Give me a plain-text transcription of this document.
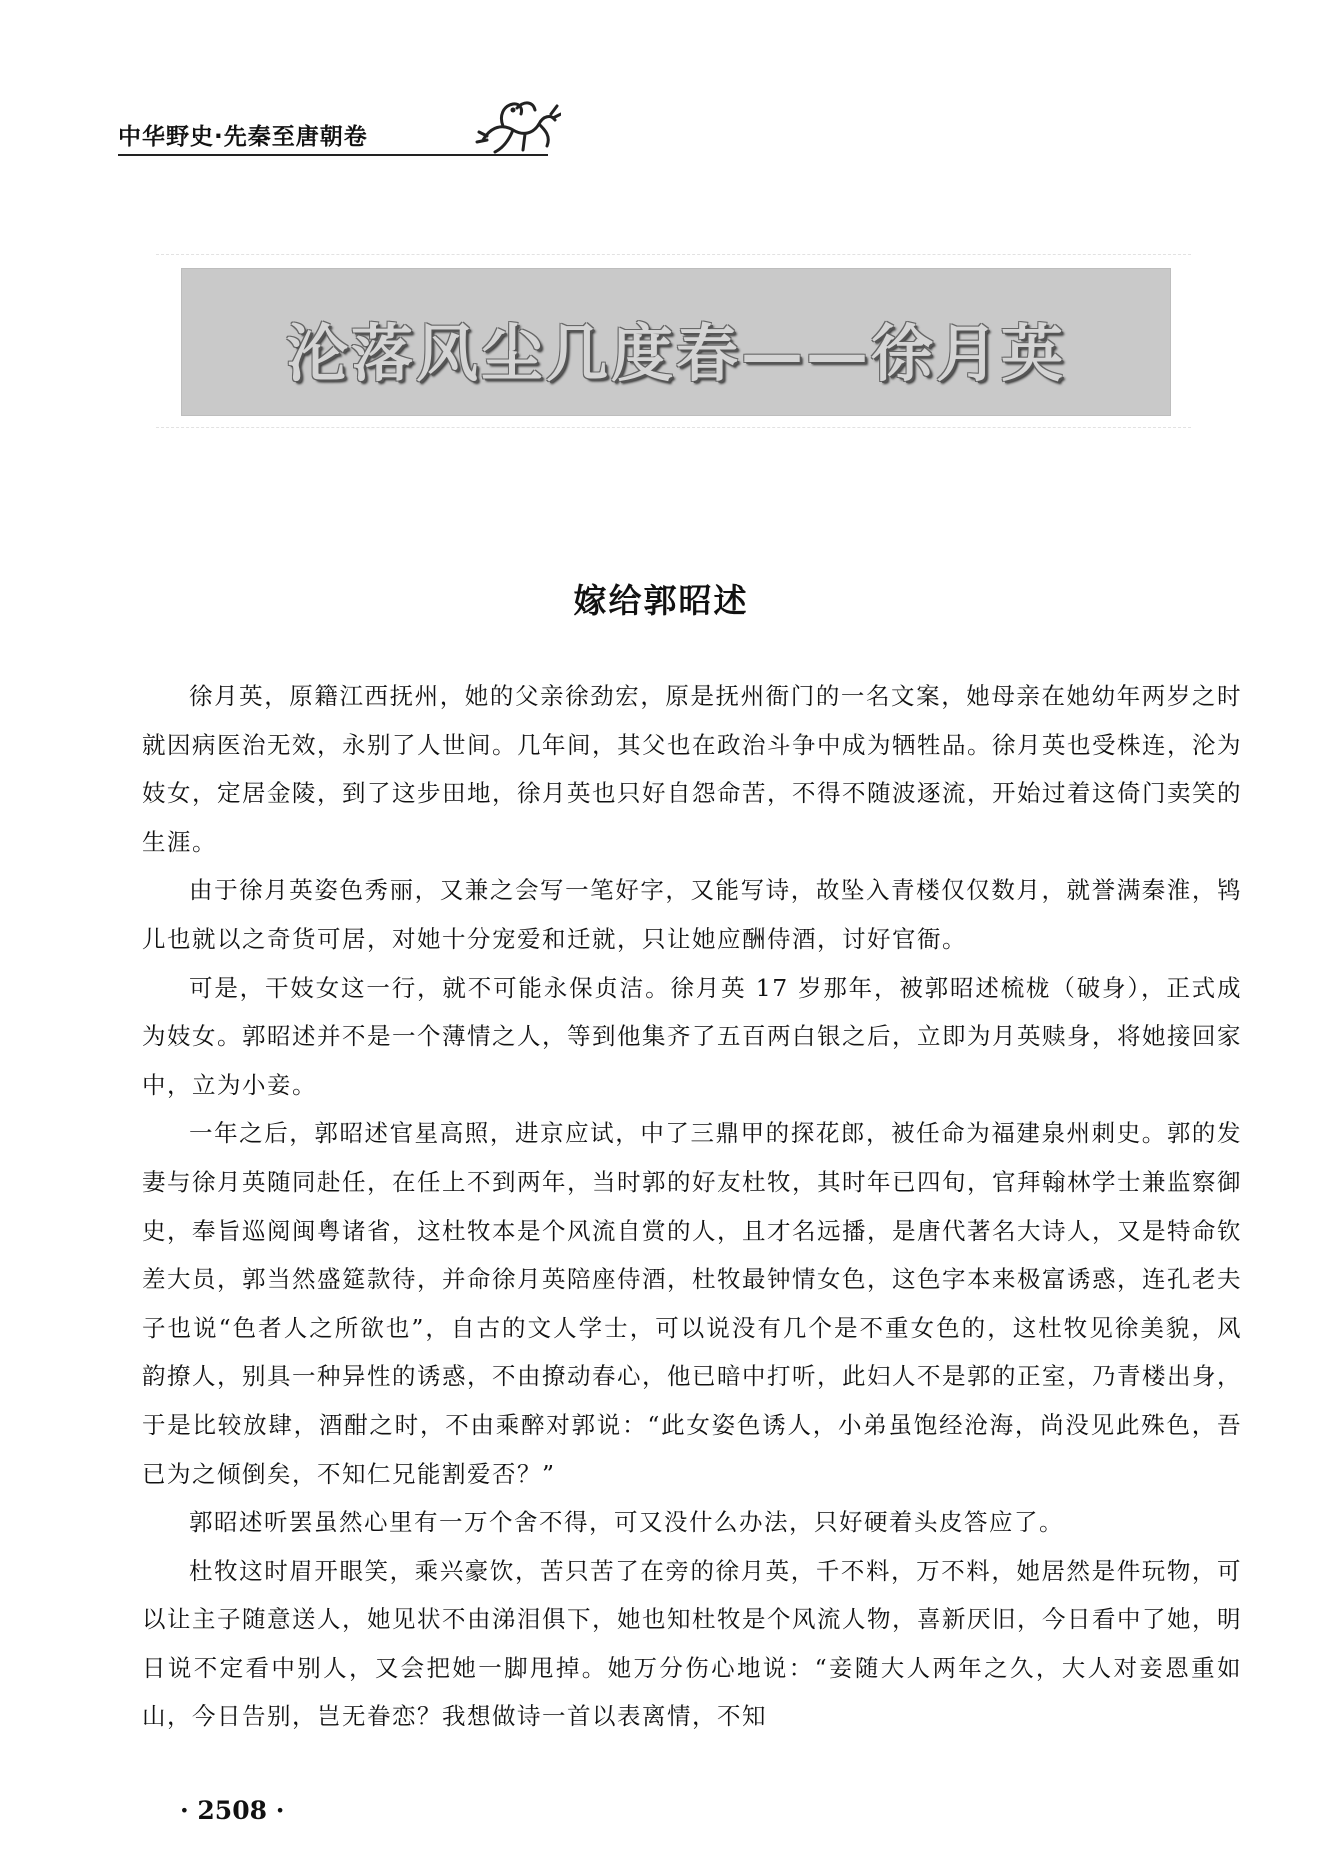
中华野史·先秦至唐朝卷
沦落风尘几度春——徐月英
嫁给郭昭述

徐月英，原籍江西抚州，她的父亲徐劲宏，原是抚州衙门的一名文案，她母亲在她幼年两岁之时就因病医治无效，永别了人世间。几年间，其父也在政治斗争中成为牺牲品。徐月英也受株连，沦为妓女，定居金陵，到了这步田地，徐月英也只好自怨命苦，不得不随波逐流，开始过着这倚门卖笑的生涯。

由于徐月英姿色秀丽，又兼之会写一笔好字，又能写诗，故坠入青楼仅仅数月，就誉满秦淮，鸨儿也就以之奇货可居，对她十分宠爱和迁就，只让她应酬侍酒，讨好官衙。

可是，干妓女这一行，就不可能永保贞洁。徐月英 17 岁那年，被郭昭述梳栊（破身），正式成为妓女。郭昭述并不是一个薄情之人，等到他集齐了五百两白银之后，立即为月英赎身，将她接回家中，立为小妾。

一年之后，郭昭述官星高照，进京应试，中了三鼎甲的探花郎，被任命为福建泉州刺史。郭的发妻与徐月英随同赴任，在任上不到两年，当时郭的好友杜牧，其时年已四旬，官拜翰林学士兼监察御史，奉旨巡阅闽粤诸省，这杜牧本是个风流自赏的人，且才名远播，是唐代著名大诗人，又是特命钦差大员，郭当然盛筵款待，并命徐月英陪座侍酒，杜牧最钟情女色，这色字本来极富诱惑，连孔老夫子也说“色者人之所欲也”，自古的文人学士，可以说没有几个是不重女色的，这杜牧见徐美貌，风韵撩人，别具一种异性的诱惑，不由撩动春心，他已暗中打听，此妇人不是郭的正室，乃青楼出身，于是比较放肆，酒酣之时，不由乘醉对郭说：“此女姿色诱人，小弟虽饱经沧海，尚没见此殊色，吾已为之倾倒矣，不知仁兄能割爱否？”

郭昭述听罢虽然心里有一万个舍不得，可又没什么办法，只好硬着头皮答应了。

杜牧这时眉开眼笑，乘兴豪饮，苦只苦了在旁的徐月英，千不料，万不料，她居然是件玩物，可以让主子随意送人，她见状不由涕泪俱下，她也知杜牧是个风流人物，喜新厌旧，今日看中了她，明日说不定看中别人，又会把她一脚甩掉。她万分伤心地说：“妾随大人两年之久，大人对妾恩重如山，今日告别，岂无眷恋？我想做诗一首以表离情，不知

· 2508 ·
